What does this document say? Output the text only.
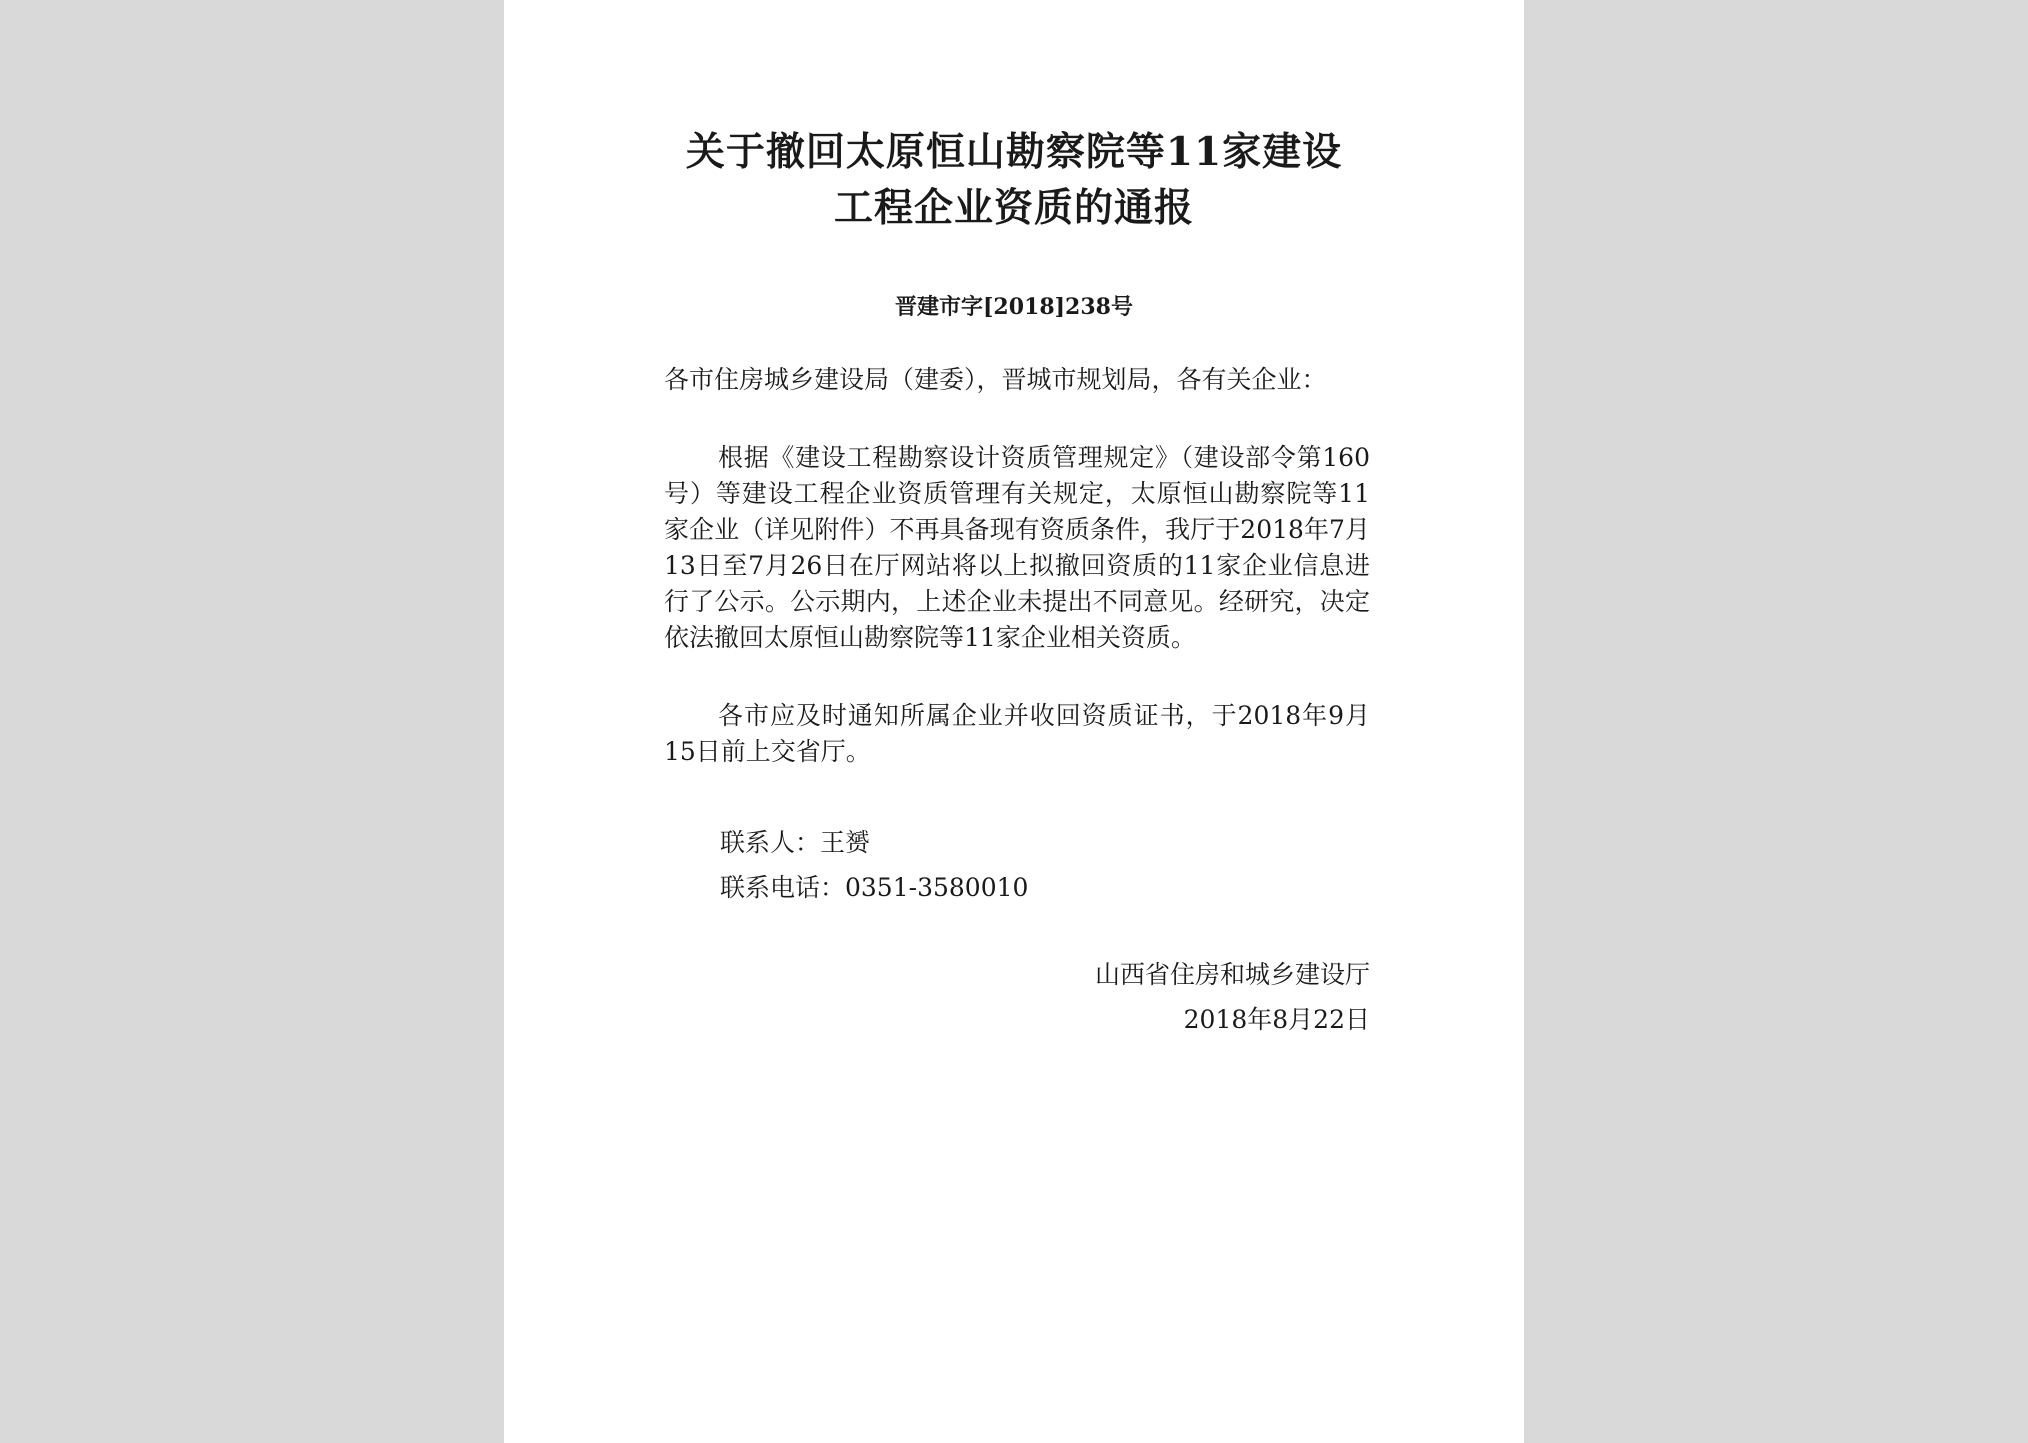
关于撤回太原恒山勘察院等11家建设
工程企业资质的通报
晋建市字[2018]238号
各市住房城乡建设局（建委），晋城市规划局，各有关企业：
根据《建设工程勘察设计资质管理规定》（建设部令第160号）等建设工程企业资质管理有关规定，太原恒山勘察院等11家企业（详见附件）不再具备现有资质条件，我厅于2018年7月13日至7月26日在厅网站将以上拟撤回资质的11家企业信息进行了公示。公示期内，上述企业未提出不同意见。经研究，决定依法撤回太原恒山勘察院等11家企业相关资质。
各市应及时通知所属企业并收回资质证书，于2018年9月15日前上交省厅。
联系人：王赟
联系电话：0351-3580010
山西省住房和城乡建设厅
2018年8月22日
